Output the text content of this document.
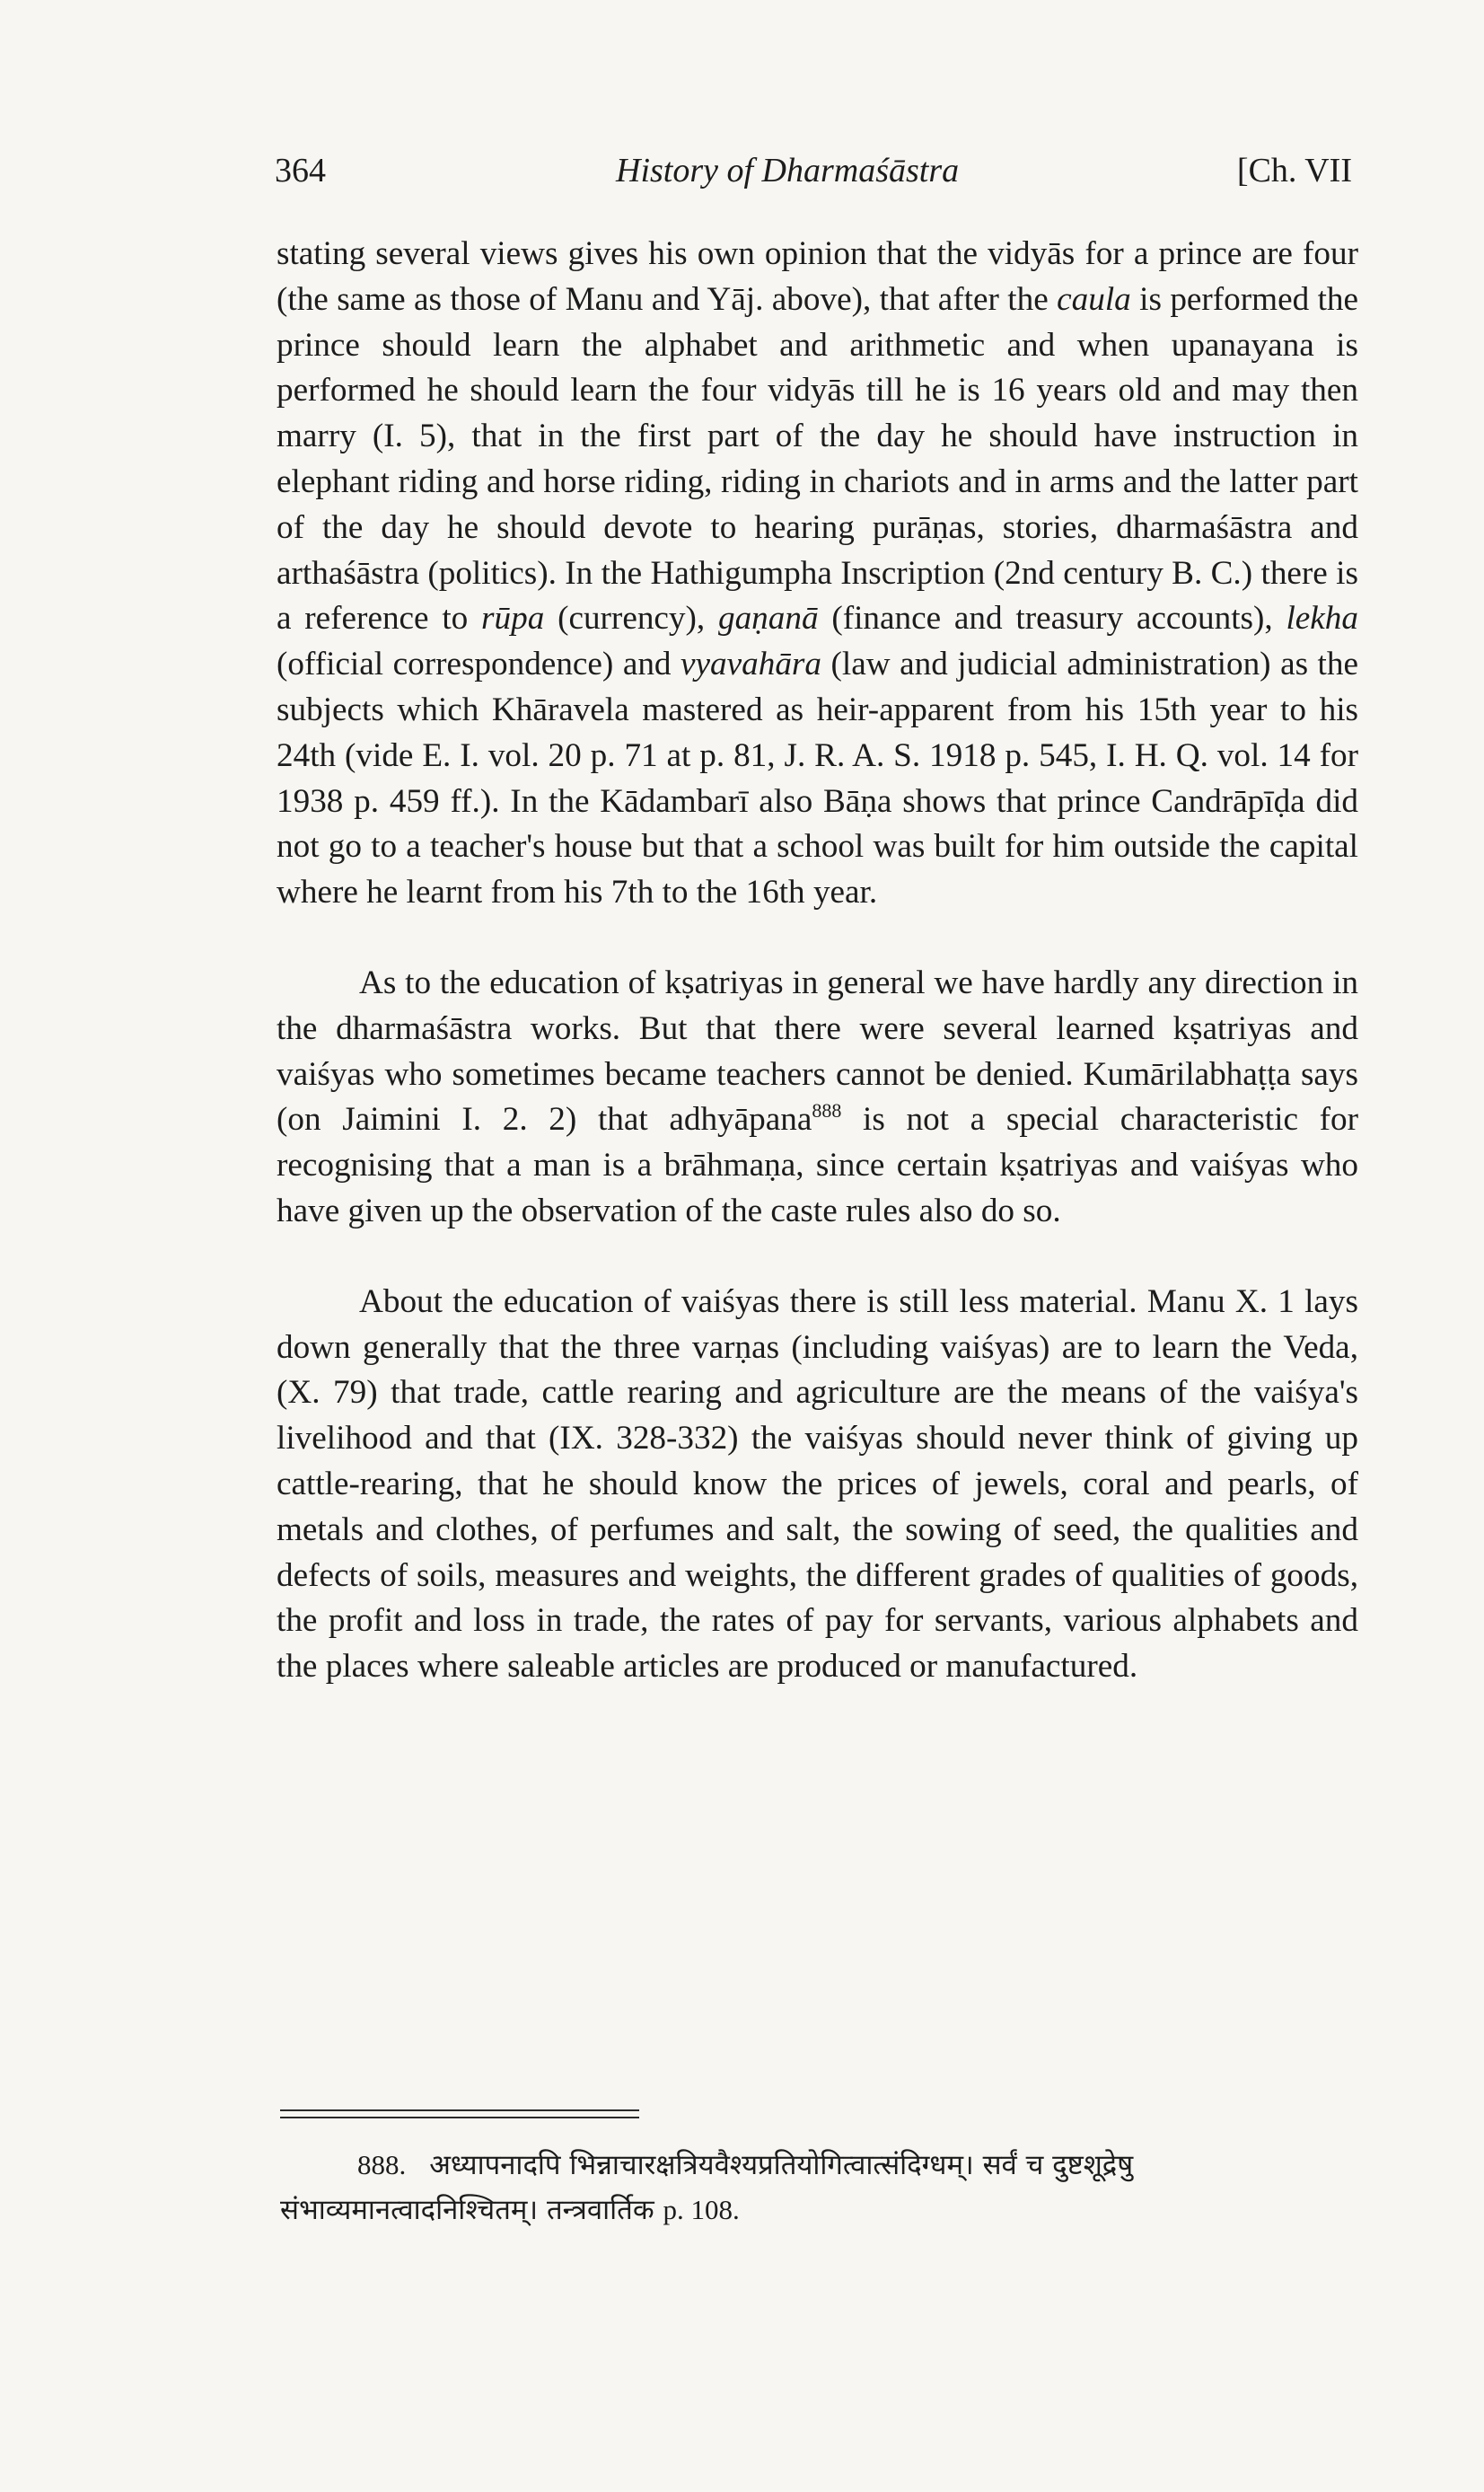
364	History of Dharmaśāstra	[Ch. VII

stating several views gives his own opinion that the vidyās for a prince are four (the same as those of Manu and Yāj. above), that after the caula is performed the prince should learn the alphabet and arithmetic and when upanayana is performed he should learn the four vidyās till he is 16 years old and may then marry (I. 5), that in the first part of the day he should have instruction in elephant riding and horse riding, riding in chariots and in arms and the latter part of the day he should devote to hearing purāṇas, stories, dharmaśāstra and arthaśāstra (politics). In the Hathigumpha Inscription (2nd century B. C.) there is a reference to rūpa (currency), gaṇanā (finance and treasury accounts), lekha (official correspondence) and vyavahāra (law and judicial administration) as the subjects which Khāravela mastered as heir-apparent from his 15th year to his 24th (vide E. I. vol. 20 p. 71 at p. 81, J. R. A. S. 1918 p. 545, I. H. Q. vol. 14 for 1938 p. 459 ff.). In the Kādambarī also Bāṇa shows that prince Candrāpīḍa did not go to a teacher's house but that a school was built for him outside the capital where he learnt from his 7th to the 16th year.

As to the education of kṣatriyas in general we have hardly any direction in the dharmaśāstra works. But that there were several learned kṣatriyas and vaiśyas who sometimes became teachers cannot be denied. Kumārilabhaṭṭa says (on Jaimini I. 2. 2) that adhyāpana$^{888}$ is not a special characteristic for recognising that a man is a brāhmaṇa, since certain kṣatriyas and vaiśyas who have given up the observation of the caste rules also do so.

About the education of vaiśyas there is still less material. Manu X. 1 lays down generally that the three varṇas (including vaiśyas) are to learn the Veda, (X. 79) that trade, cattle rearing and agriculture are the means of the vaiśya's livelihood and that (IX. 328-332) the vaiśyas should never think of giving up cattle-rearing, that he should know the prices of jewels, coral and pearls, of metals and clothes, of perfumes and salt, the sowing of seed, the qualities and defects of soils, measures and weights, the different grades of qualities of goods, the profit and loss in trade, the rates of pay for servants, various alphabets and the places where saleable articles are produced or manufactured.

888. अध्यापनादपि भिन्नाचारक्षत्रियवैश्यप्रतियोगित्वात्संदिग्धम्। सर्वं च दुष्टशूद्रेषु संभाव्यमानत्वादनिश्चितम्। तन्त्रवार्तिक p. 108.
